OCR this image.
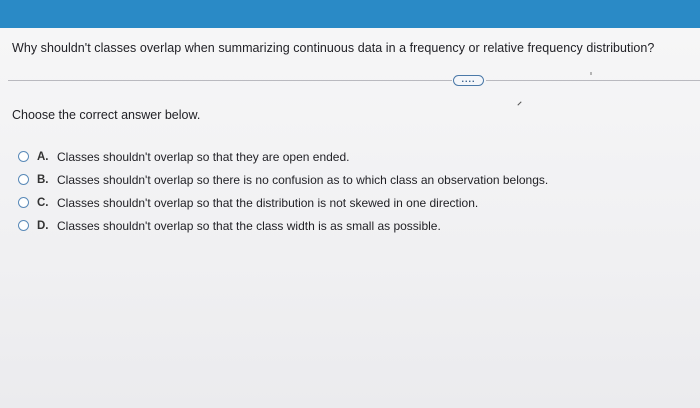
Why shouldn't classes overlap when summarizing continuous data in a frequency or relative frequency distribution?
....
Choose the correct answer below.
A. Classes shouldn't overlap so that they are open ended.
B. Classes shouldn't overlap so there is no confusion as to which class an observation belongs.
C. Classes shouldn't overlap so that the distribution is not skewed in one direction.
D. Classes shouldn't overlap so that the class width is as small as possible.
